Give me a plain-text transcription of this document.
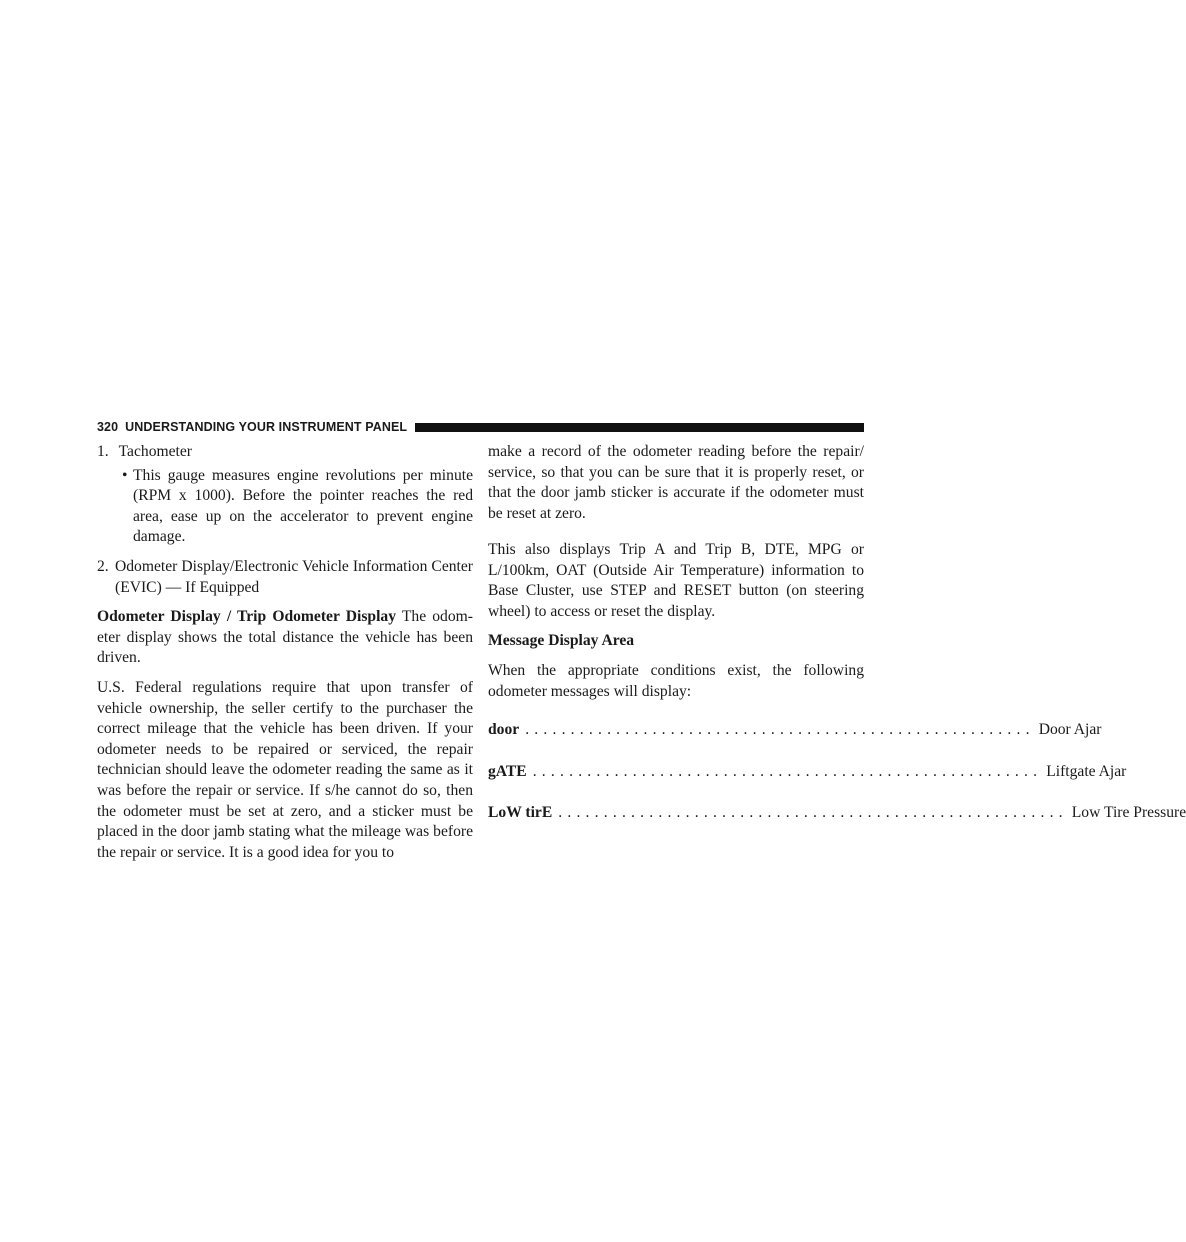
320 UNDERSTANDING YOUR INSTRUMENT PANEL

1. Tachometer

• This gauge measures engine revolutions per minute (RPM x 1000). Before the pointer reaches the red area, ease up on the accelerator to prevent engine damage.

2. Odometer Display/Electronic Vehicle Information Center (EVIC) — If Equipped

Odometer Display / Trip Odometer Display The odometer display shows the total distance the vehicle has been driven.

U.S. Federal regulations require that upon transfer of vehicle ownership, the seller certify to the purchaser the correct mileage that the vehicle has been driven. If your odometer needs to be repaired or serviced, the repair technician should leave the odometer reading the same as it was before the repair or service. If s/he cannot do so, then the odometer must be set at zero, and a sticker must be placed in the door jamb stating what the mileage was before the repair or service. It is a good idea for you to

make a record of the odometer reading before the repair/ service, so that you can be sure that it is properly reset, or that the door jamb sticker is accurate if the odometer must be reset at zero.

This also displays Trip A and Trip B, DTE, MPG or L/100km, OAT (Outside Air Temperature) information to Base Cluster, use STEP and RESET button (on steering wheel) to access or reset the display.

Message Display Area

When the appropriate conditions exist, the following odometer messages will display:

door ........................................................ Door Ajar

gATE ........................................................ Liftgate Ajar

LoW tirE ........................................................ Low Tire Pressure
